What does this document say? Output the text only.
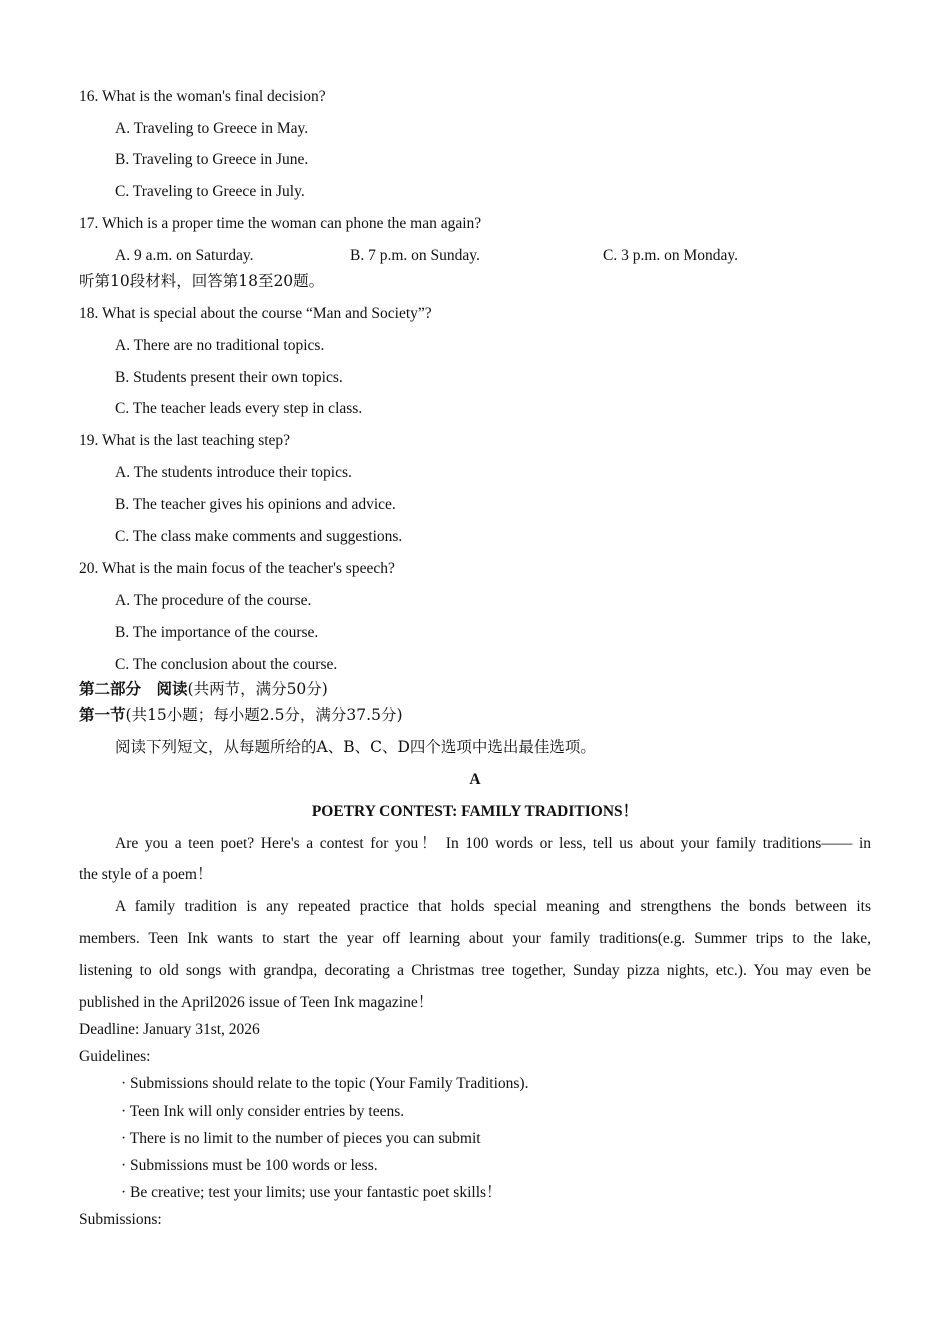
16. What is the woman's final decision?
A. Traveling to Greece in May.
B. Traveling to Greece in June.
C. Traveling to Greece in July.
17. Which is a proper time the woman can phone the man again?
A. 9 a.m. on Saturday.	B. 7 p.m. on Sunday.	C. 3 p.m. on Monday.
听第10段材料，回答第18至20题。
18. What is special about the course “Man and Society”?
A. There are no traditional topics.
B. Students present their own topics.
C. The teacher leads every step in class.
19. What is the last teaching step?
A. The students introduce their topics.
B. The teacher gives his opinions and advice.
C. The class make comments and suggestions.
20. What is the main focus of the teacher's speech?
A. The procedure of the course.
B. The importance of the course.
C. The conclusion about the course.
第二部分　阅读(共两节，满分50分)
第一节(共15小题；每小题2.5分，满分37.5分)
阅读下列短文，从每题所给的A、B、C、D四个选项中选出最佳选项。
A
POETRY CONTEST: FAMILY TRADITIONS！
Are you a teen poet? Here's a contest for you！ In 100 words or less, tell us about your family traditions—— in
the style of a poem！
A family tradition is any repeated practice that holds special meaning and strengthens the bonds between its
members. Teen Ink wants to start the year off learning about your family traditions(e.g. Summer trips to the lake,
listening to old songs with grandpa, decorating a Christmas tree together, Sunday pizza nights, etc.). You may even be
published in the April2026 issue of Teen Ink magazine！
Deadline: January 31st, 2026
Guidelines:
· Submissions should relate to the topic (Your Family Traditions).
· Teen Ink will only consider entries by teens.
· There is no limit to the number of pieces you can submit
· Submissions must be 100 words or less.
· Be creative; test your limits; use your fantastic poet skills！
Submissions:
